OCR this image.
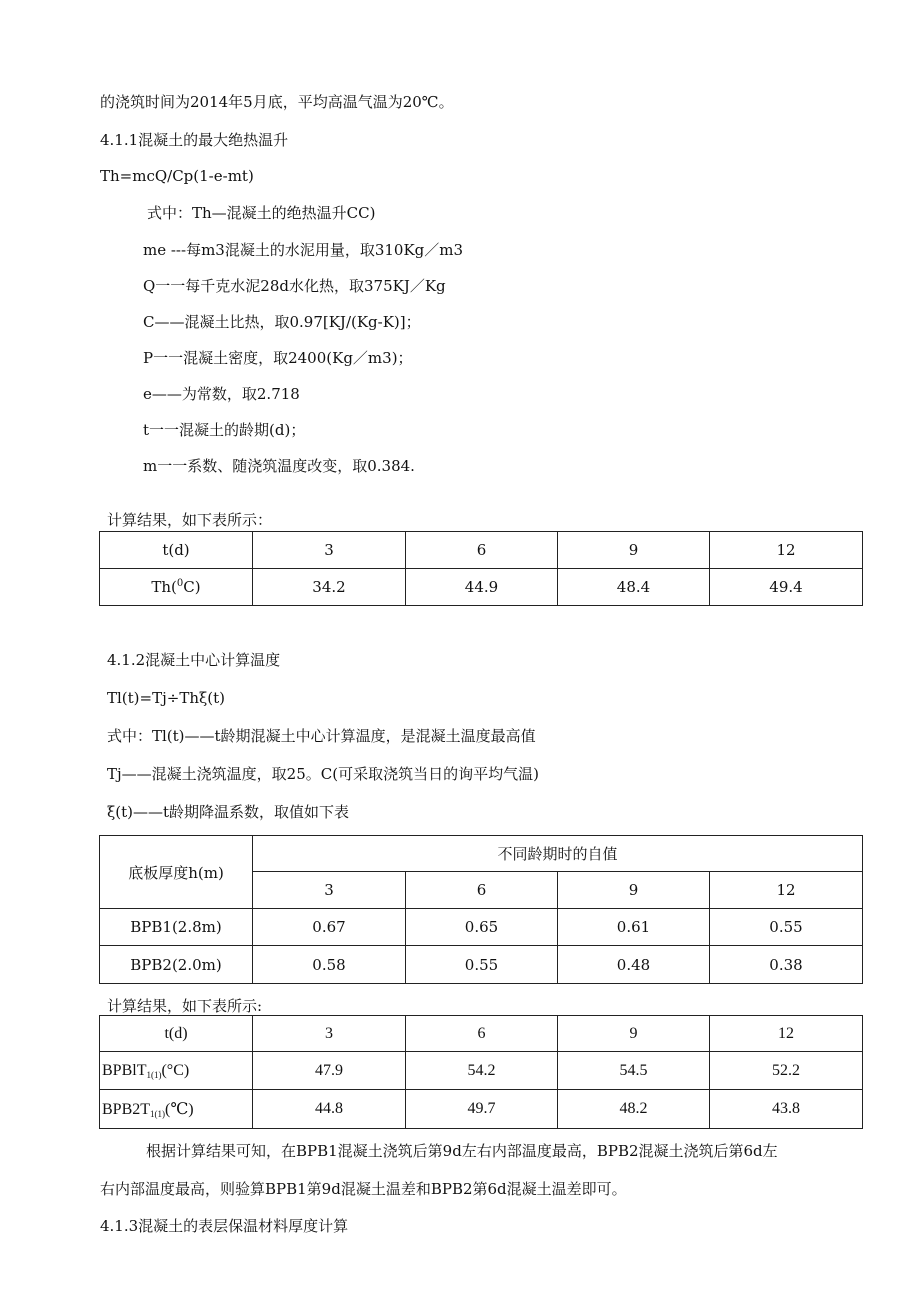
的浇筑时间为2014年5月底，平均高温气温为20℃。
4.1.1混凝土的最大绝热温升
Th=mcQ/Cp(1-e-mt)
式中：Th—混凝土的绝热温升CC)
me ---每m3混凝土的水泥用量，取310Kg／m3
Q一一每千克水泥28d水化热，取375KJ／Kg
C——混凝土比热，取0.97[KJ/(Kg-K)]；
P一一混凝土密度，取2400(Kg／m3)；
e——为常数，取2.718
t一一混凝土的龄期(d)；
m一一系数、随浇筑温度改变，取0.384.
计算结果，如下表所示：
t(d)	3	6	9	12
Th($^0$C)	34.2	44.9	48.4	49.4
4.1.2混凝土中心计算温度
Tl(t)=Tj÷Thξ(t)
式中：Tl(t)——t龄期混凝土中心计算温度，是混凝土温度最高值
Tj——混凝土浇筑温度，取25。C(可采取浇筑当日的询平均气温)
ξ(t)——t龄期降温系数，取值如下表
底板厚度h(m)	不同龄期时的自值			
	3	6	9	12
BPB1(2.8m)	0.67	0.65	0.61	0.55
BPB2(2.0m)	0.58	0.55	0.48	0.38
计算结果，如下表所示:
t(d)	3	6	9	12
BPBlT$_{1(1)}$(°C)	47.9	54.2	54.5	52.2
$BPB2T_{1(1)}(℃)$	44.8	49.7	48.2	43.8
根据计算结果可知，在BPB1混凝土浇筑后第9d左右内部温度最高，BPB2混凝土浇筑后第6d左
右内部温度最高，则验算BPB1第9d混凝土温差和BPB2第6d混凝土温差即可。
4.1.3混凝土的表层保温材料厚度计算
